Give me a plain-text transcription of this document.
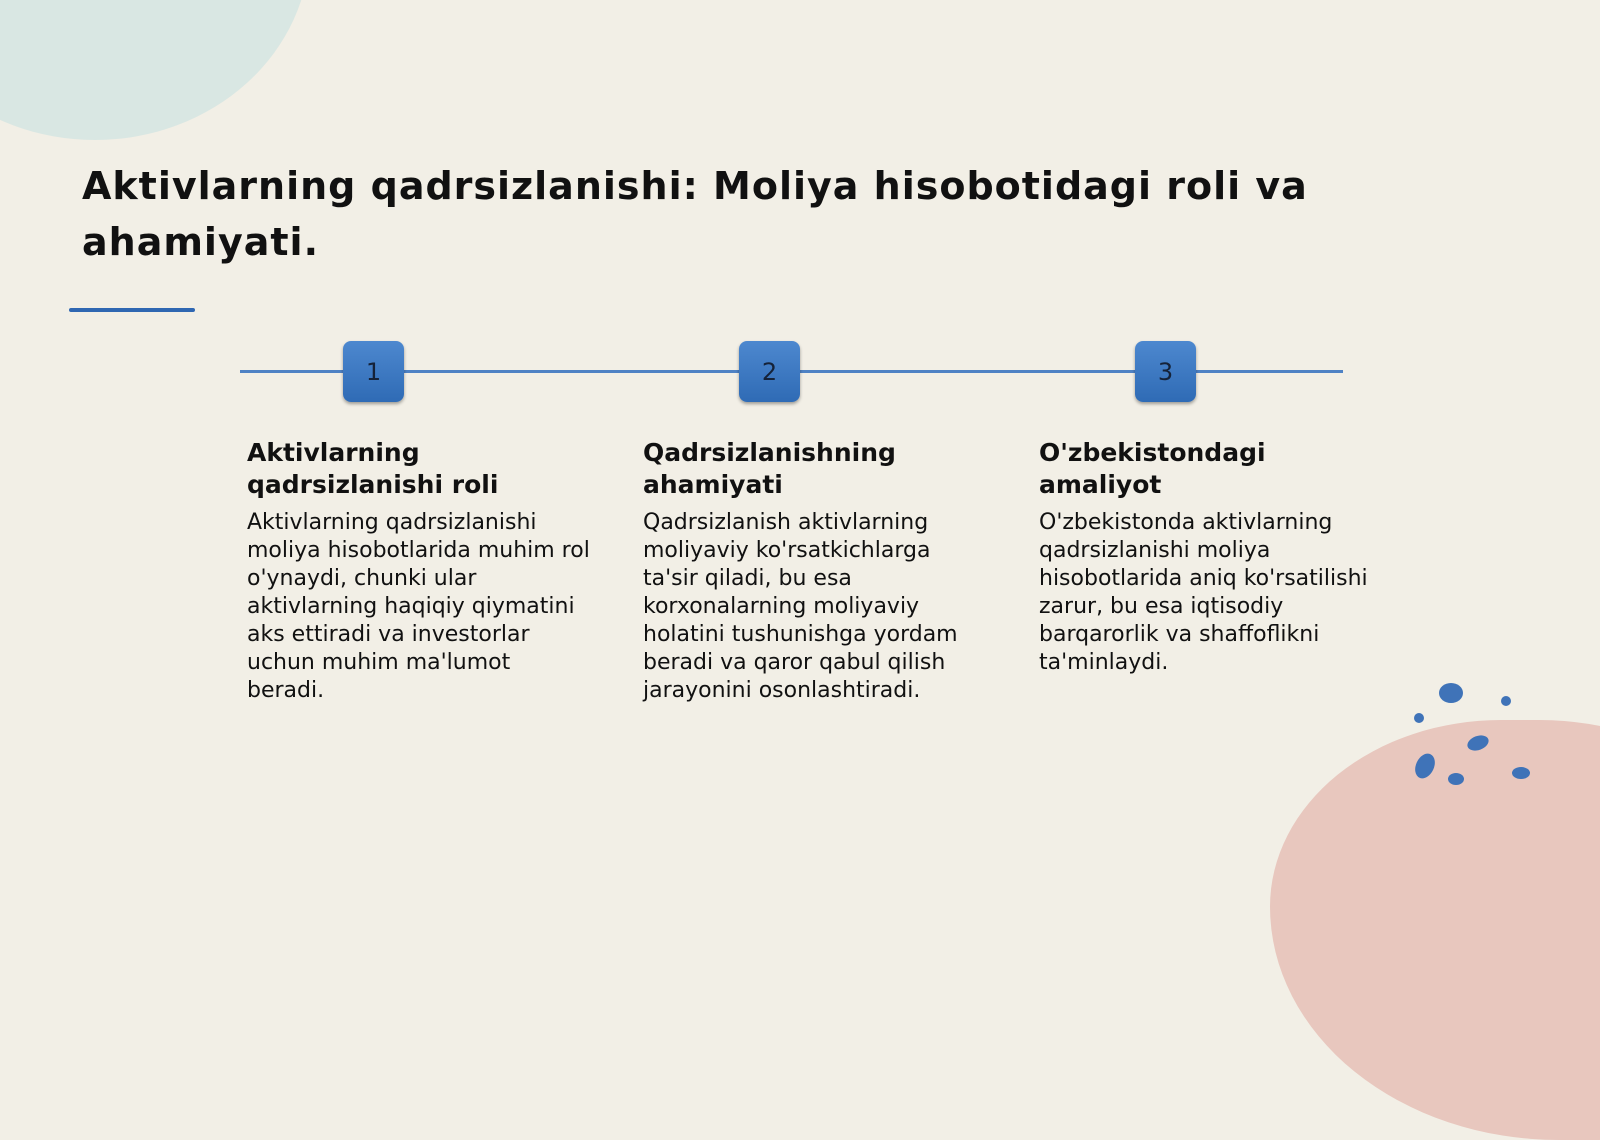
Aktivlarning qadrsizlanishi: Moliya hisobotidagi roli va ahamiyati.
1	2	3
Aktivlarning qadrsizlanishi roli

Aktivlarning qadrsizlanishi moliya hisobotlarida muhim rol o'ynaydi, chunki ular aktivlarning haqiqiy qiymatini aks ettiradi va investorlar uchun muhim ma'lumot beradi.

Qadrsizlanishning ahamiyati

Qadrsizlanish aktivlarning moliyaviy ko'rsatkichlarga ta'sir qiladi, bu esa korxonalarning moliyaviy holatini tushunishga yordam beradi va qaror qabul qilish jarayonini osonlashtiradi.

O'zbekistondagi amaliyot

O'zbekistonda aktivlarning qadrsizlanishi moliya hisobotlarida aniq ko'rsatilishi zarur, bu esa iqtisodiy barqarorlik va shaffoflikni ta'minlaydi.
